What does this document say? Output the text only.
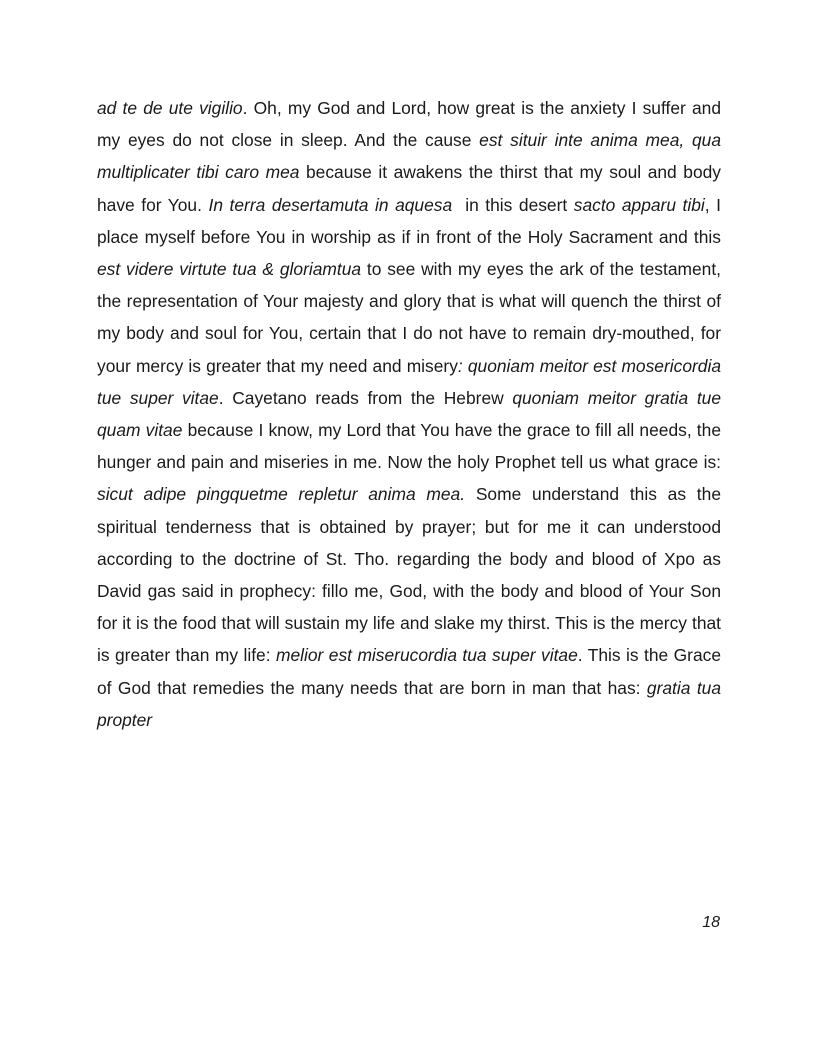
ad te de ute vigilio. Oh, my God and Lord, how great is the anxiety I suffer and my eyes do not close in sleep. And the cause est situir inte anima mea, qua multiplicater tibi caro mea because it awakens the thirst that my soul and body have for You. In terra desertamuta in aquesa  in this desert sacto apparu tibi, I place myself before You in worship as if in front of the Holy Sacrament and this est videre virtute tua & gloriamtua to see with my eyes the ark of the testament, the representation of Your majesty and glory that is what will quench the thirst of my body and soul for You, certain that I do not have to remain dry-mouthed, for your mercy is greater that my need and misery: quoniam meitor est mosericordia tue super vitae. Cayetano reads from the Hebrew quoniam meitor gratia tue quam vitae because I know, my Lord that You have the grace to fill all needs, the hunger and pain and miseries in me. Now the holy Prophet tell us what grace is: sicut adipe pingquetme repletur anima mea. Some understand this as the spiritual tenderness that is obtained by prayer; but for me it can understood according to the doctrine of St. Tho. regarding the body and blood of Xpo as David gas said in prophecy: fillo me, God, with the body and blood of Your Son for it is the food that will sustain my life and slake my thirst. This is the mercy that is greater than my life: melior est miserucordia tua super vitae. This is the Grace of God that remedies the many needs that are born in man that has: gratia tua propter

18
